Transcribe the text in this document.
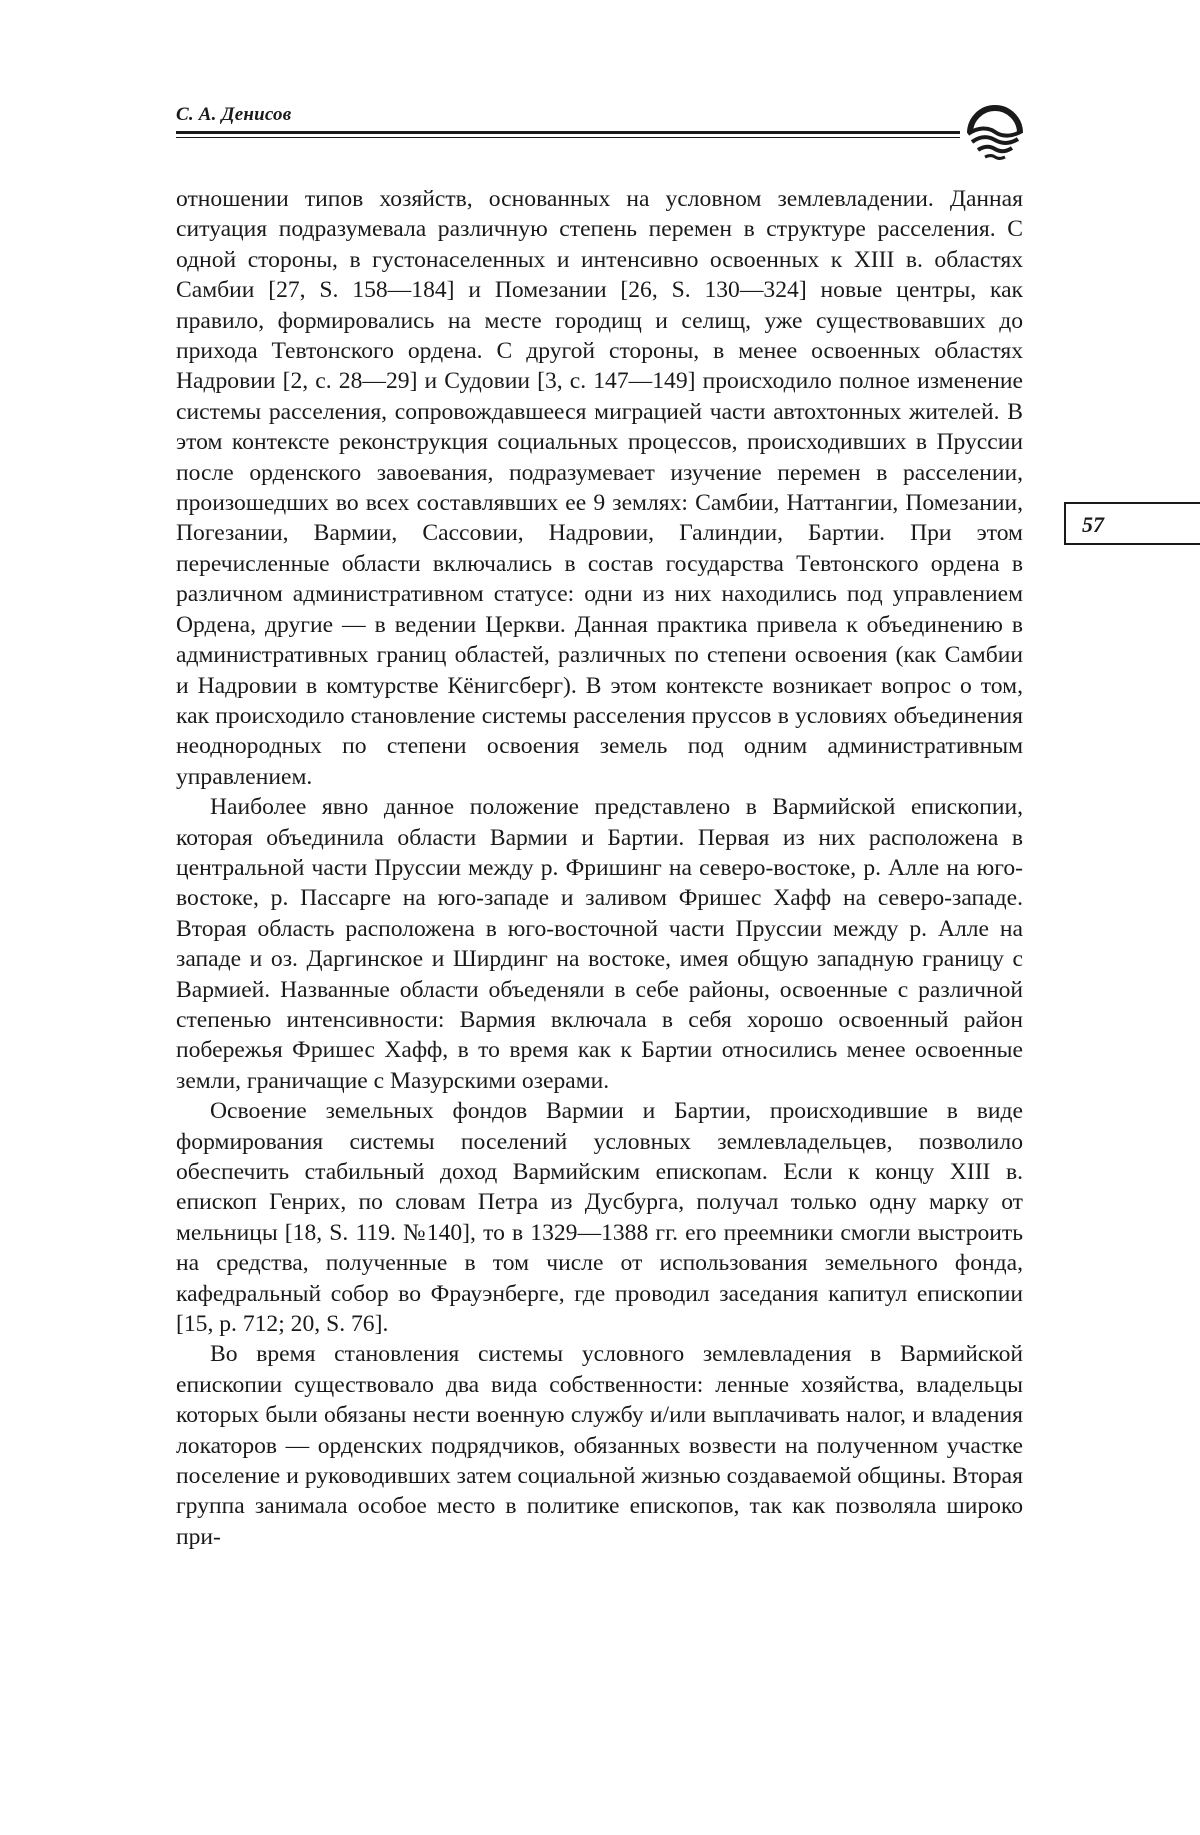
С. А. Денисов

отношении типов хозяйств, основанных на условном землевладении. Данная ситуация подразумевала различную степень перемен в структуре расселения. С одной стороны, в густонаселенных и интенсивно освоенных к XIII в. областях Самбии [27, S. 158—184] и Помезании [26, S. 130—324] новые центры, как правило, формировались на месте городищ и селищ, уже существовавших до прихода Тевтонского ордена. С другой стороны, в менее освоенных областях Надровии [2, с. 28—29] и Судовии [3, с. 147—149] происходило полное изменение системы расселения, сопровождавшееся миграцией части автохтонных жителей. В этом контексте реконструкция социальных процессов, происходивших в Пруссии после орденского завоевания, подразумевает изучение перемен в расселении, произошедших во всех составлявших ее 9 землях: Самбии, Наттангии, Помезании, Погезании, Вармии, Сассовии, Надровии, Галиндии, Бартии. При этом перечисленные области включались в состав государства Тевтонского ордена в различном административном статусе: одни из них находились под управлением Ордена, другие — в ведении Церкви. Данная практика привела к объединению в административных границ областей, различных по степени освоения (как Самбии и Надровии в комтурстве Кёнигсберг). В этом контексте возникает вопрос о том, как происходило становление системы расселения пруссов в условиях объединения неоднородных по степени освоения земель под одним административным управлением.

Наиболее явно данное положение представлено в Вармийской епископии, которая объединила области Вармии и Бартии. Первая из них расположена в центральной части Пруссии между р. Фришинг на северо-востоке, р. Алле на юго-востоке, р. Пассарге на юго-западе и заливом Фришес Хафф на северо-западе. Вторая область расположена в юго-восточной части Пруссии между р. Алле на западе и оз. Даргинское и Ширдинг на востоке, имея общую западную границу с Вармией. Названные области объеденяли в себе районы, освоенные с различной степенью интенсивности: Вармия включала в себя хорошо освоенный район побережья Фришес Хафф, в то время как к Бартии относились менее освоенные земли, граничащие с Мазурскими озерами.

Освоение земельных фондов Вармии и Бартии, происходившие в виде формирования системы поселений условных землевладельцев, позволило обеспечить стабильный доход Вармийским епископам. Если к концу XIII в. епископ Генрих, по словам Петра из Дусбурга, получал только одну марку от мельницы [18, S. 119. №140], то в 1329—1388 гг. его преемники смогли выстроить на средства, полученные в том числе от использования земельного фонда, кафедральный собор во Фрауэнберге, где проводил заседания капитул епископии [15, p. 712; 20, S. 76].

Во время становления системы условного землевладения в Вармийской епископии существовало два вида собственности: ленные хозяйства, владельцы которых были обязаны нести военную службу и/или выплачивать налог, и владения локаторов — орденских подрядчиков, обязанных возвести на полученном участке поселение и руководивших затем социальной жизнью создаваемой общины. Вторая группа занимала особое место в политике епископов, так как позволяла широко при-

57
